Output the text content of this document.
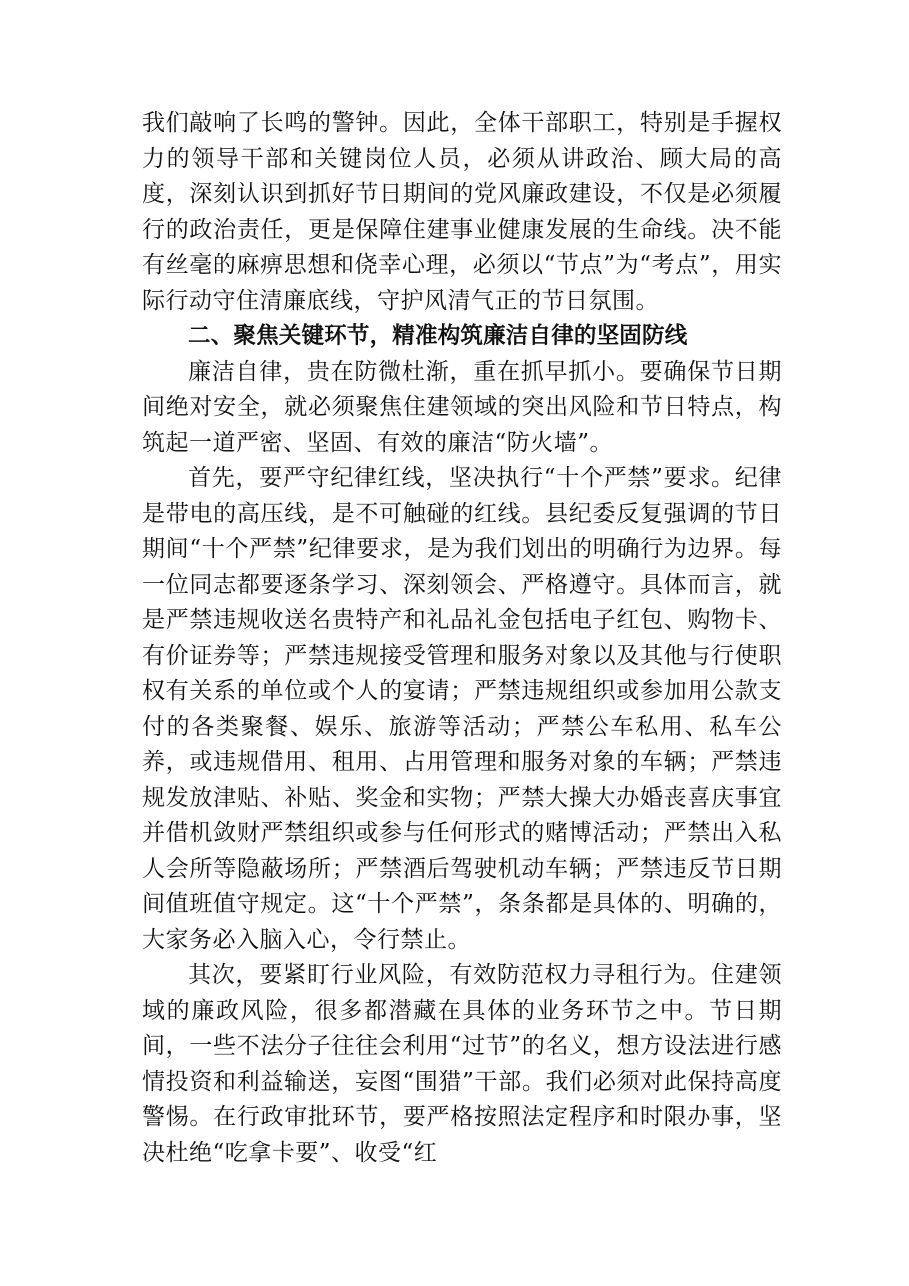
我们敲响了长鸣的警钟。因此，全体干部职工，特别是手握权力的领导干部和关键岗位人员，必须从讲政治、顾大局的高度，深刻认识到抓好节日期间的党风廉政建设，不仅是必须履行的政治责任，更是保障住建事业健康发展的生命线。决不能有丝毫的麻痹思想和侥幸心理，必须以“节点”为“考点”，用实际行动守住清廉底线，守护风清气正的节日氛围。

二、聚焦关键环节，精准构筑廉洁自律的坚固防线

廉洁自律，贵在防微杜渐，重在抓早抓小。要确保节日期间绝对安全，就必须聚焦住建领域的突出风险和节日特点，构筑起一道严密、坚固、有效的廉洁“防火墙”。

首先，要严守纪律红线，坚决执行“十个严禁”要求。纪律是带电的高压线，是不可触碰的红线。县纪委反复强调的节日期间“十个严禁”纪律要求，是为我们划出的明确行为边界。每一位同志都要逐条学习、深刻领会、严格遵守。具体而言，就是严禁违规收送名贵特产和礼品礼金包括电子红包、购物卡、有价证券等；严禁违规接受管理和服务对象以及其他与行使职权有关系的单位或个人的宴请；严禁违规组织或参加用公款支付的各类聚餐、娱乐、旅游等活动；严禁公车私用、私车公养，或违规借用、租用、占用管理和服务对象的车辆；严禁违规发放津贴、补贴、奖金和实物；严禁大操大办婚丧喜庆事宜并借机敛财严禁组织或参与任何形式的赌博活动；严禁出入私人会所等隐蔽场所；严禁酒后驾驶机动车辆；严禁违反节日期间值班值守规定。这“十个严禁”，条条都是具体的、明确的，大家务必入脑入心，令行禁止。

其次，要紧盯行业风险，有效防范权力寻租行为。住建领域的廉政风险，很多都潜藏在具体的业务环节之中。节日期间，一些不法分子往往会利用“过节”的名义，想方设法进行感情投资和利益输送，妄图“围猎”干部。我们必须对此保持高度警惕。在行政审批环节，要严格按照法定程序和时限办事，坚决杜绝“吃拿卡要”、收受“红
